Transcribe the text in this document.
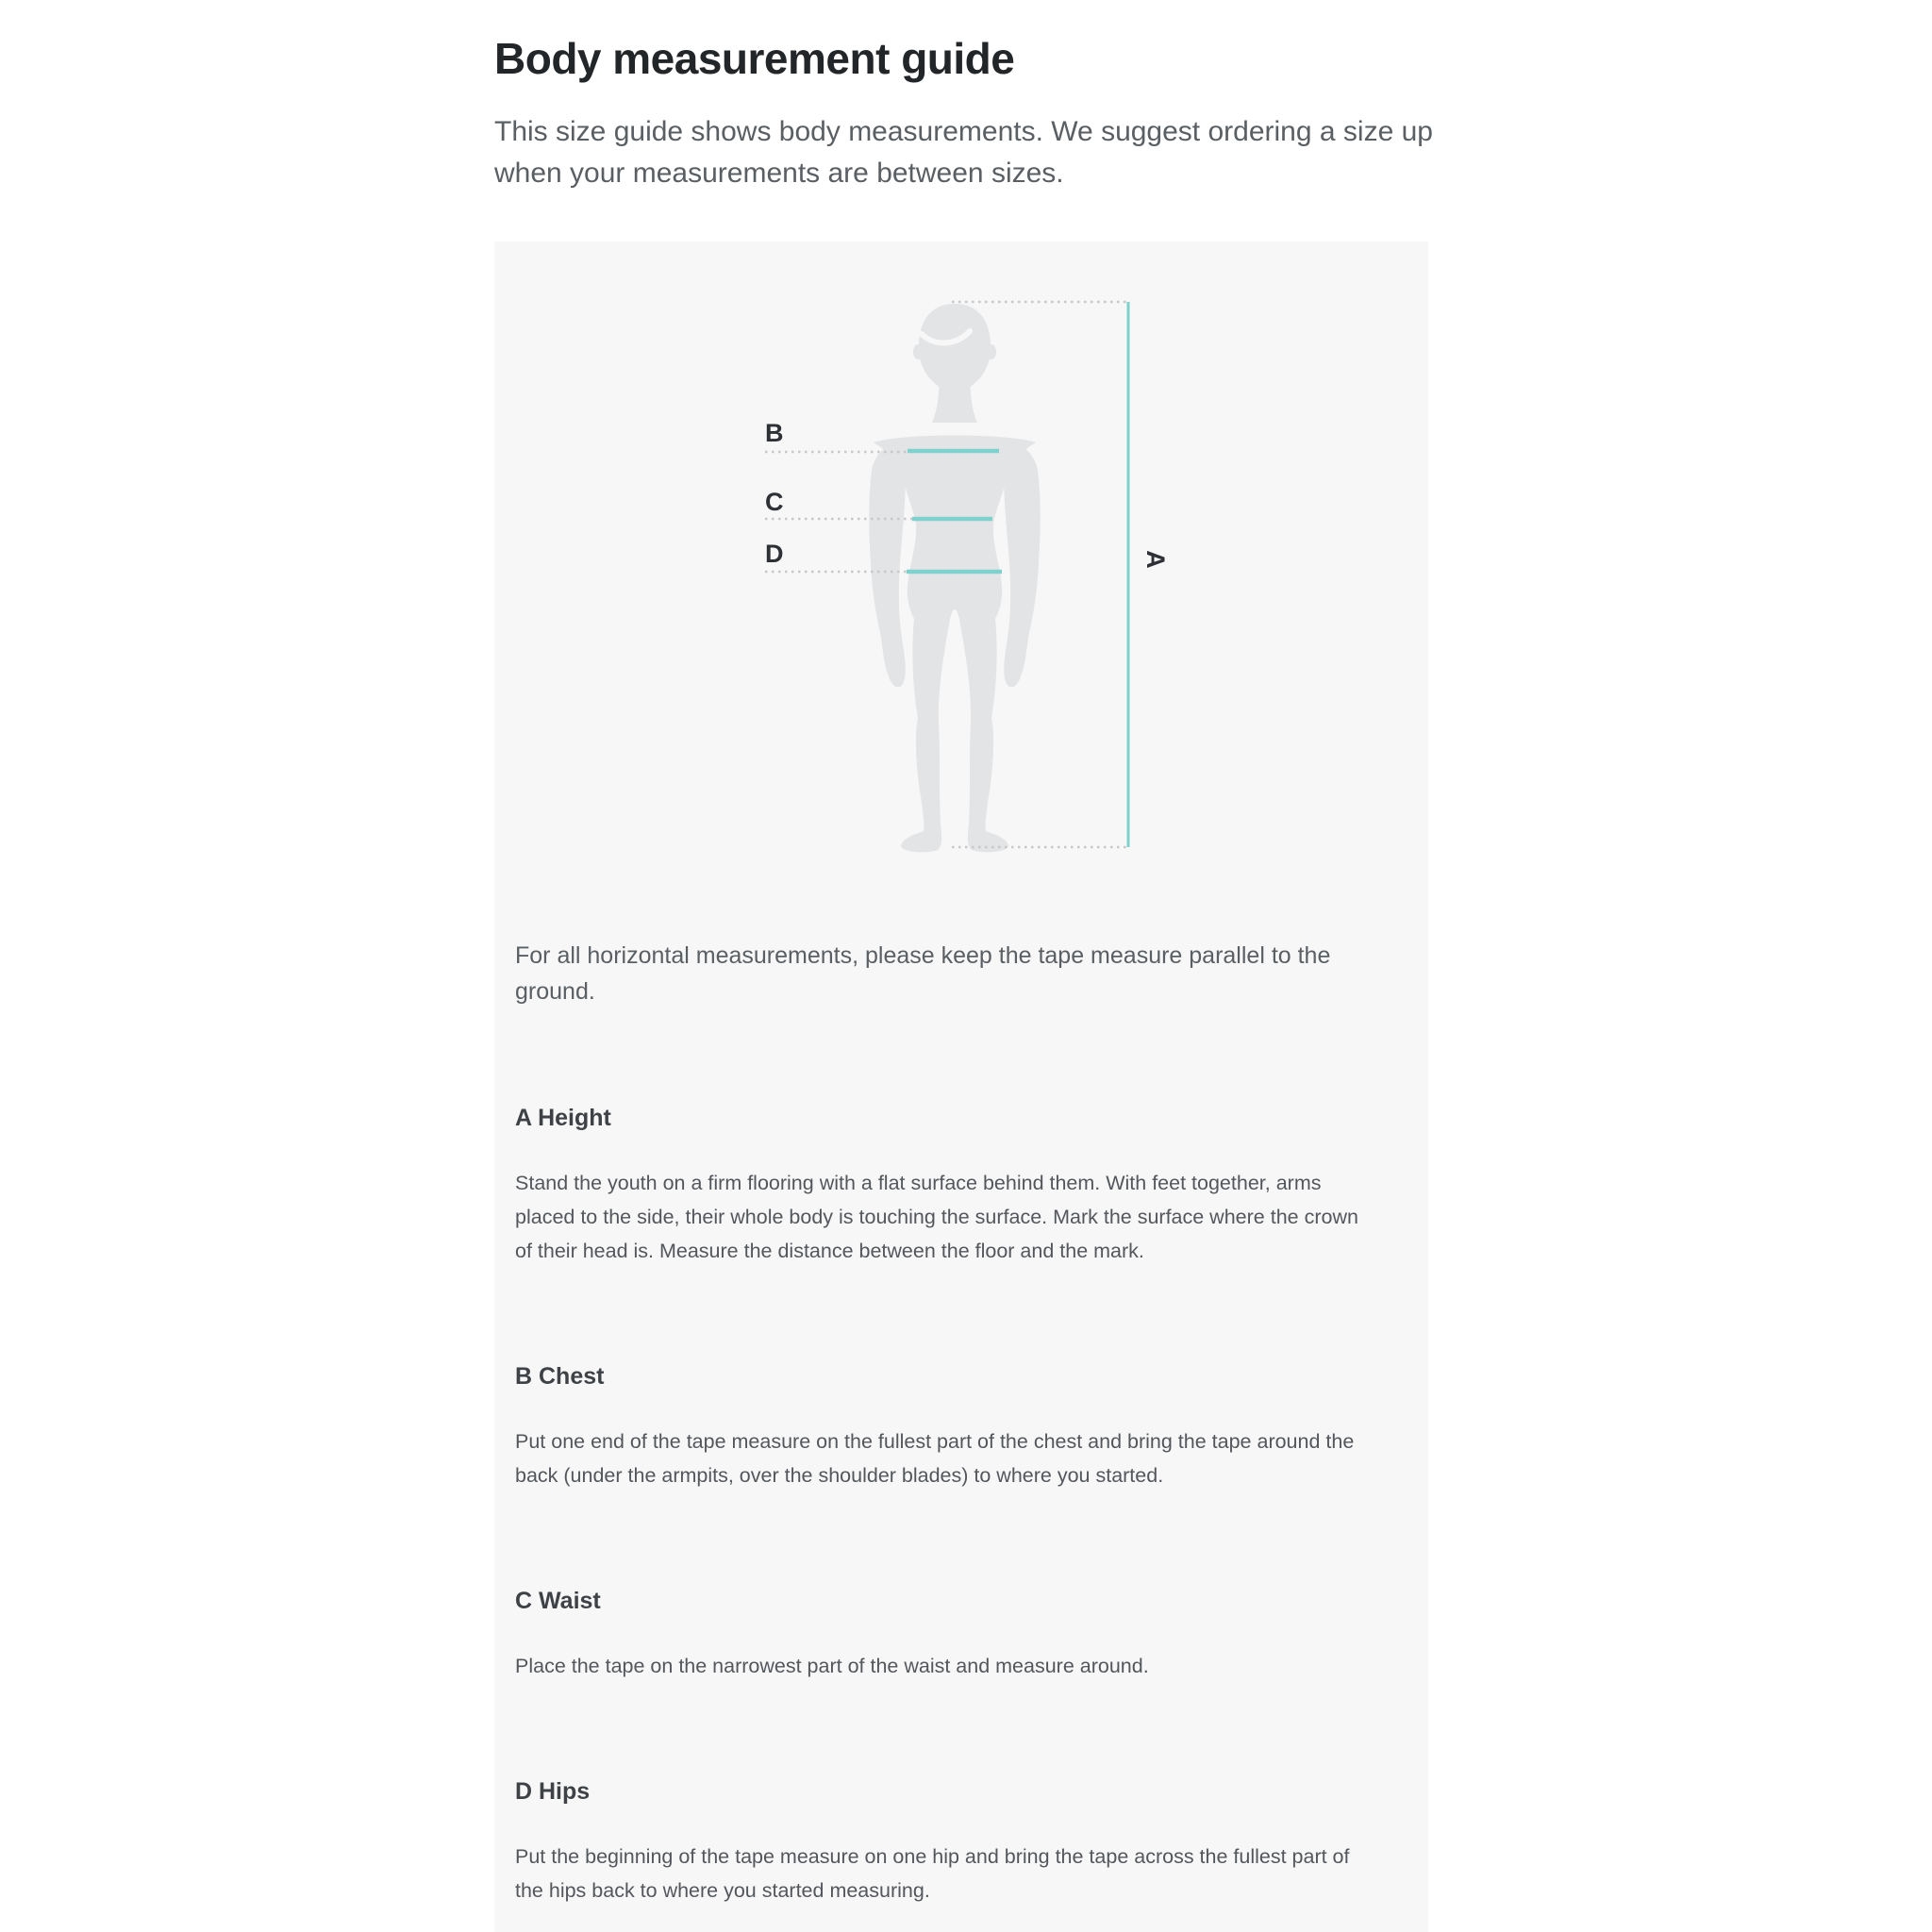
Body measurement guide

This size guide shows body measurements. We suggest ordering a size up when your measurements are between sizes.

B
C
D	A

For all horizontal measurements, please keep the tape measure parallel to the ground.

A Height

Stand the youth on a firm flooring with a flat surface behind them. With feet together, arms placed to the side, their whole body is touching the surface. Mark the surface where the crown of their head is. Measure the distance between the floor and the mark.

B Chest

Put one end of the tape measure on the fullest part of the chest and bring the tape around the back (under the armpits, over the shoulder blades) to where you started.

C Waist

Place the tape on the narrowest part of the waist and measure around.

D Hips

Put the beginning of the tape measure on one hip and bring the tape across the fullest part of the hips back to where you started measuring.
